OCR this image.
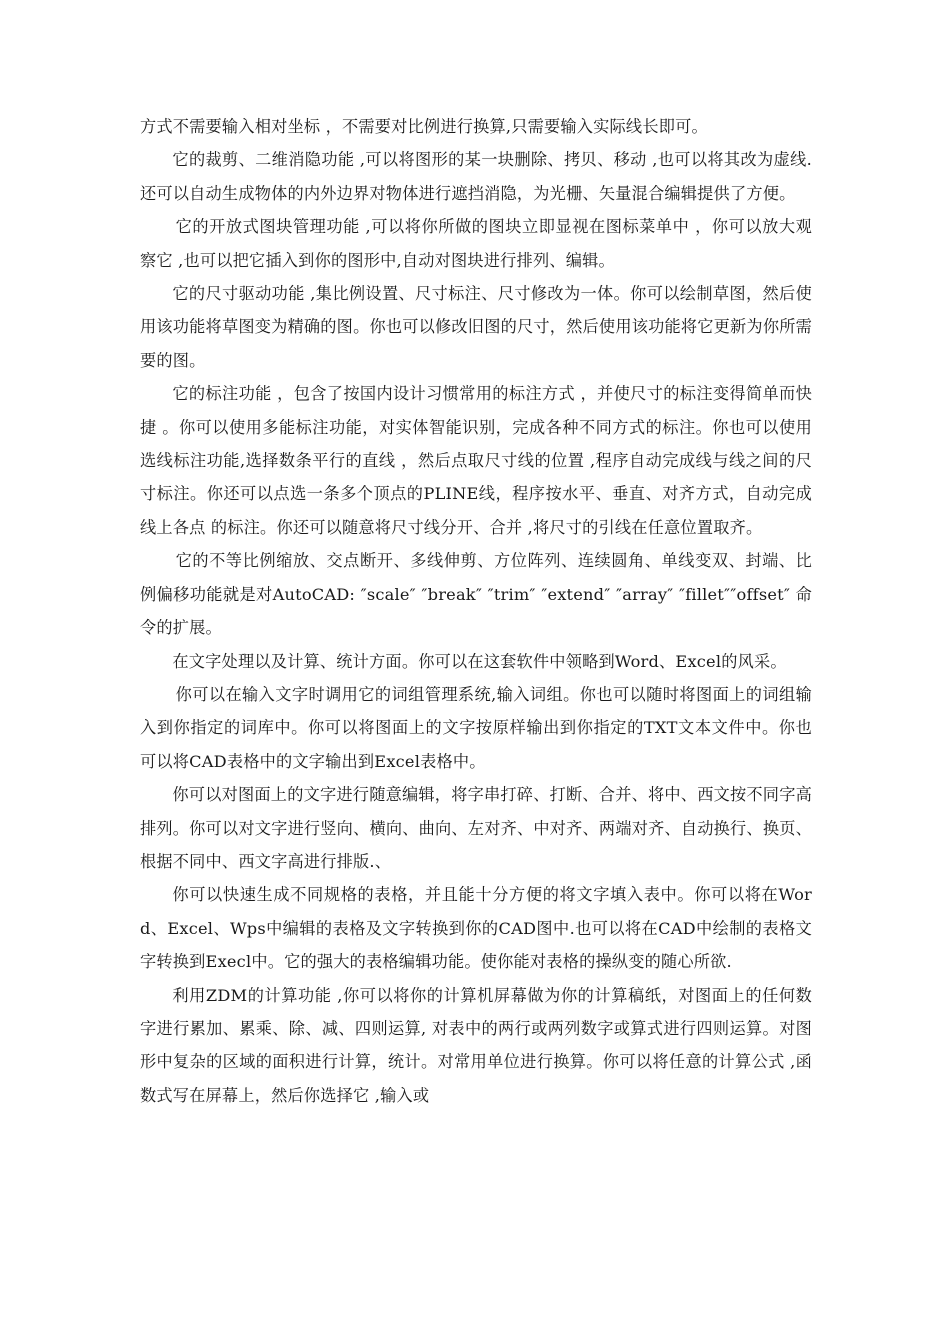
方式不需要输入相对坐标 ，不需要对比例进行换算,只需要输入实际线长即可。

它的裁剪、二维消隐功能 ,可以将图形的某一块删除、拷贝、移动 ,也可以将其改为虚线.还可以自动生成物体的内外边界对物体进行遮挡消隐，为光栅、矢量混合编辑提供了方便。

它的开放式图块管理功能 ,可以将你所做的图块立即显视在图标菜单中 ，你可以放大观察它 ,也可以把它插入到你的图形中,自动对图块进行排列、编辑。

它的尺寸驱动功能 ,集比例设置、尺寸标注、尺寸修改为一体。你可以绘制草图，然后使用该功能将草图变为精确的图。你也可以修改旧图的尺寸，然后使用该功能将它更新为你所需要的图。

它的标注功能 ，包含了按国内设计习惯常用的标注方式 ，并使尺寸的标注变得简单而快捷 。你可以使用多能标注功能，对实体智能识别，完成各种不同方式的标注。你也可以使用选线标注功能,选择数条平行的直线 ，然后点取尺寸线的位置 ,程序自动完成线与线之间的尺寸标注。你还可以点选一条多个顶点的PLINE线，程序按水平、垂直、对齐方式，自动完成线上各点 的标注。你还可以随意将尺寸线分开、合并 ,将尺寸的引线在任意位置取齐。

它的不等比例缩放、交点断开、多线伸剪、方位阵列、连续圆角、单线变双、封端、比例偏移功能就是对AutoCAD: ″scale″ ″break″ ″trim″ ″extend″ ″array″ ″fillet″″offset″ 命令的扩展。

在文字处理以及计算、统计方面。你可以在这套软件中领略到Word、Excel的风采。

你可以在输入文字时调用它的词组管理系统,输入词组。你也可以随时将图面上的词组输入到你指定的词库中。你可以将图面上的文字按原样输出到你指定的TXT文本文件中。你也可以将CAD表格中的文字输出到Excel表格中。

你可以对图面上的文字进行随意编辑，将字串打碎、打断、合并、将中、西文按不同字高排列。你可以对文字进行竖向、横向、曲向、左对齐、中对齐、两端对齐、自动换行、换页、根据不同中、西文字高进行排版.、

你可以快速生成不同规格的表格，并且能十分方便的将文字填入表中。你可以将在Word、Excel、Wps中编辑的表格及文字转换到你的CAD图中.也可以将在CAD中绘制的表格文字转换到Execl中。它的强大的表格编辑功能。使你能对表格的操纵变的随心所欲.

利用ZDM的计算功能 ,你可以将你的计算机屏幕做为你的计算稿纸，对图面上的任何数字进行累加、累乘、除、减、四则运算, 对表中的两行或两列数字或算式进行四则运算。对图形中复杂的区域的面积进行计算，统计。对常用单位进行换算。你可以将任意的计算公式 ,函数式写在屏幕上，然后你选择它 ,输入或
